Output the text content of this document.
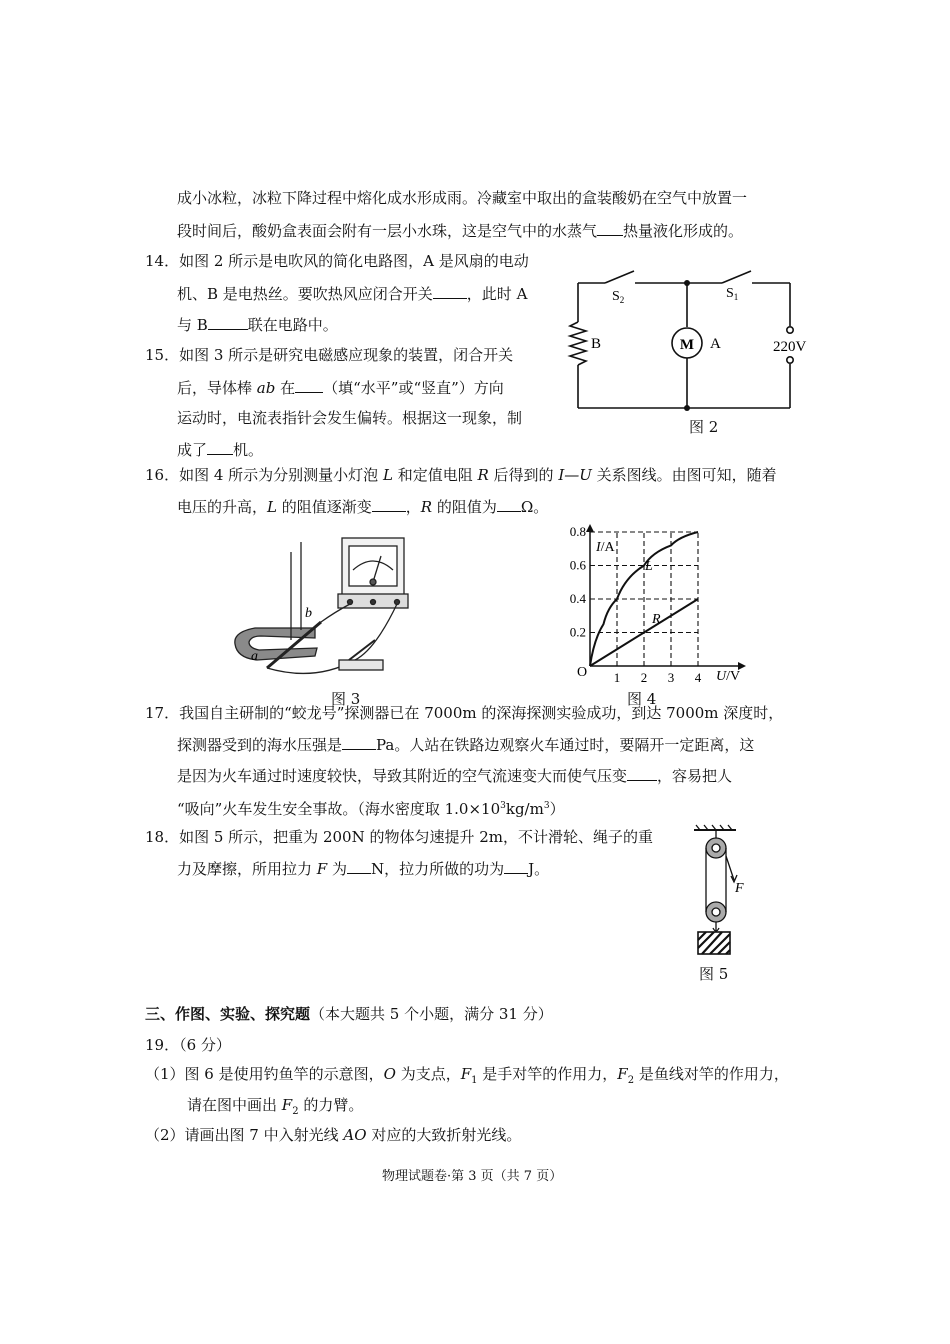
成小冰粒，冰粒下降过程中熔化成水形成雨。冷藏室中取出的盒装酸奶在空气中放置一
段时间后，酸奶盒表面会附有一层小水珠，这是空气中的水蒸气 热量液化形成的。
14．如图 2 所示是电吹风的简化电路图，A 是风扇的电动
机、B 是电热丝。要吹热风应闭合开关 ，此时 A
与 B	联在电路中。
15．如图 3 所示是研究电磁感应现象的装置，闭合开关
后，导体棒 ab 在 （填“水平”或“竖直”）方向
运动时，电流表指针会发生偏转。根据这一现象，制
成了 机。
$S_2$	$S_1$
B	M A	220V
图 2
16．如图 4 所示为分别测量小灯泡 L 和定值电阻 R 后得到的 I—U 关系图线。由图可知，随着
电压的升高，L 的阻值逐渐变 ，R 的阻值为 Ω。
b
a
图 3
1 2 3 4
0.2
0.4
0.6
0.8
I/A
U/V
O
L
R
图 4
17．我国自主研制的“蛟龙号”探测器已在 7000m 的深海探测实验成功，到达 7000m 深度时，
探测器受到的海水压强是 Pa。人站在铁路边观察火车通过时，要隔开一定距离，这
是因为火车通过时速度较快，导致其附近的空气流速变大而使气压变 ，容易把人
“吸向”火车发生安全事故。（海水密度取 $1.0\times 10^3kg/m^3$）
18．如图 5 所示，把重为 200N 的物体匀速提升 2m，不计滑轮、绳子的重
力及摩擦，所用拉力 F 为 N，拉力所做的功为 J。
F
图 5
三、作图、实验、探究题（本大题共 5 个小题，满分 31 分）
19．（6 分）
（1）图 6 是使用钓鱼竿的示意图，O 为支点，$F_1$ 是手对竿的作用力，$F_2$ 是鱼线对竿的作用力，
请在图中画出 $F_2$ 的力臂。
（2）请画出图 7 中入射光线 AO 对应的大致折射光线。
物理试题卷·第 3 页（共 7 页）
